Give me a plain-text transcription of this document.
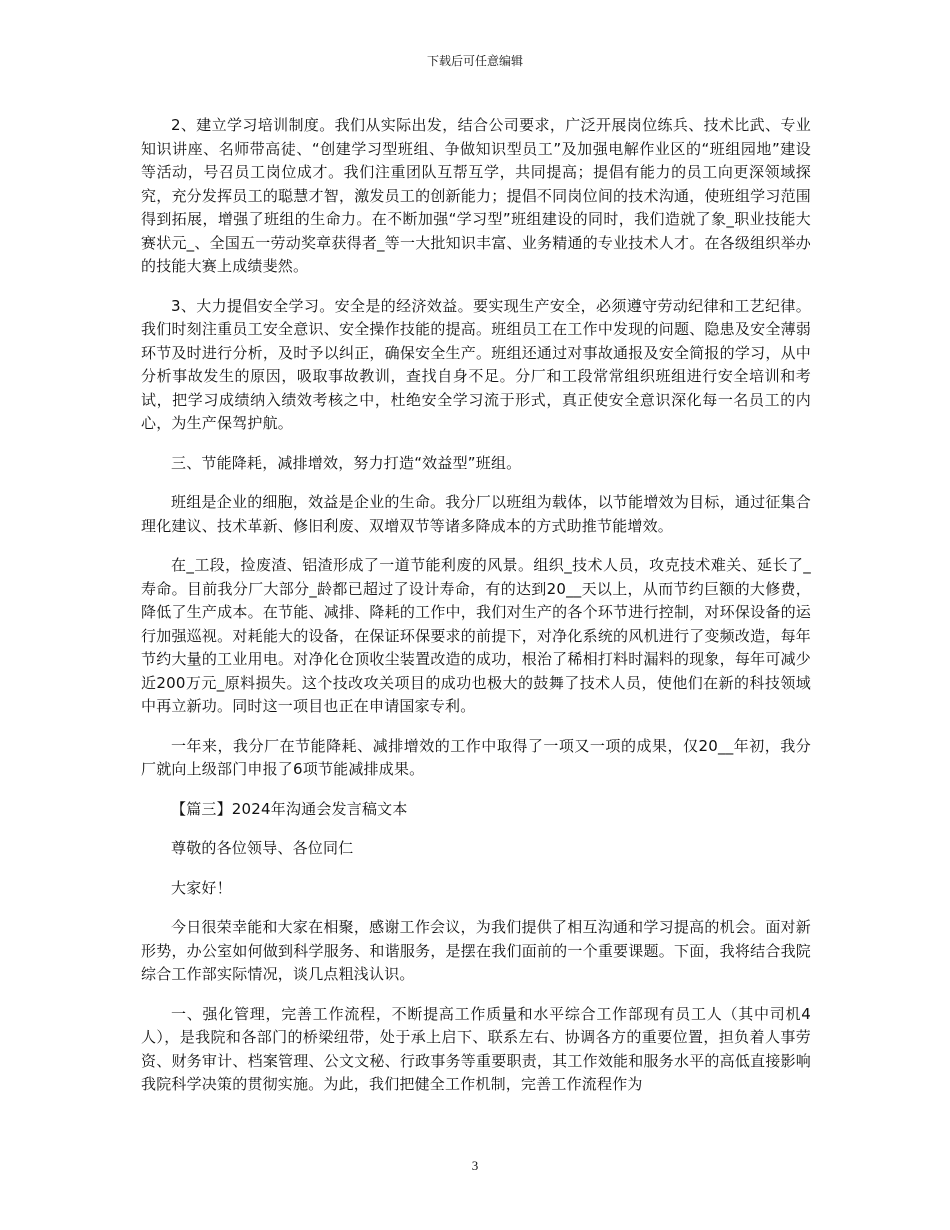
下载后可任意编辑

2、建立学习培训制度。我们从实际出发，结合公司要求，广泛开展岗位练兵、技术比武、专业知识讲座、名师带高徒、“创建学习型班组、争做知识型员工”及加强电解作业区的“班组园地”建设等活动，号召员工岗位成才。我们注重团队互帮互学，共同提高；提倡有能力的员工向更深领域探究，充分发挥员工的聪慧才智，激发员工的创新能力；提倡不同岗位间的技术沟通，使班组学习范围得到拓展，增强了班组的生命力。在不断加强“学习型”班组建设的同时，我们造就了象_职业技能大赛状元_、全国五一劳动奖章获得者_等一大批知识丰富、业务精通的专业技术人才。在各级组织举办的技能大赛上成绩斐然。

3、大力提倡安全学习。安全是的经济效益。要实现生产安全，必须遵守劳动纪律和工艺纪律。我们时刻注重员工安全意识、安全操作技能的提高。班组员工在工作中发现的问题、隐患及安全薄弱环节及时进行分析，及时予以纠正，确保安全生产。班组还通过对事故通报及安全简报的学习，从中分析事故发生的原因，吸取事故教训，查找自身不足。分厂和工段常常组织班组进行安全培训和考试，把学习成绩纳入绩效考核之中，杜绝安全学习流于形式，真正使安全意识深化每一名员工的内心，为生产保驾护航。

三、节能降耗，减排增效，努力打造“效益型”班组。

班组是企业的细胞，效益是企业的生命。我分厂以班组为载体，以节能增效为目标，通过征集合理化建议、技术革新、修旧利废、双增双节等诸多降成本的方式助推节能增效。

在_工段，捡废渣、铝渣形成了一道节能利废的风景。组织_技术人员，攻克技术难关、延长了_寿命。目前我分厂大部分_龄都已超过了设计寿命，有的达到20__天以上，从而节约巨额的大修费，降低了生产成本。在节能、减排、降耗的工作中，我们对生产的各个环节进行控制，对环保设备的运行加强巡视。对耗能大的设备，在保证环保要求的前提下，对净化系统的风机进行了变频改造，每年节约大量的工业用电。对净化仓顶收尘装置改造的成功，根治了稀相打料时漏料的现象，每年可减少近200万元_原料损失。这个技改攻关项目的成功也极大的鼓舞了技术人员，使他们在新的科技领域中再立新功。同时这一项目也正在申请国家专利。

一年来，我分厂在节能降耗、减排增效的工作中取得了一项又一项的成果，仅20__年初，我分厂就向上级部门申报了6项节能减排成果。

【篇三】2024年沟通会发言稿文本

尊敬的各位领导、各位同仁

大家好！

今日很荣幸能和大家在相聚，感谢工作会议，为我们提供了相互沟通和学习提高的机会。面对新形势，办公室如何做到科学服务、和谐服务，是摆在我们面前的一个重要课题。下面，我将结合我院综合工作部实际情况，谈几点粗浅认识。

一、强化管理，完善工作流程，不断提高工作质量和水平综合工作部现有员工人（其中司机4人），是我院和各部门的桥梁纽带，处于承上启下、联系左右、协调各方的重要位置，担负着人事劳资、财务审计、档案管理、公文文秘、行政事务等重要职责，其工作效能和服务水平的高低直接影响我院科学决策的贯彻实施。为此，我们把健全工作机制，完善工作流程作为

3
